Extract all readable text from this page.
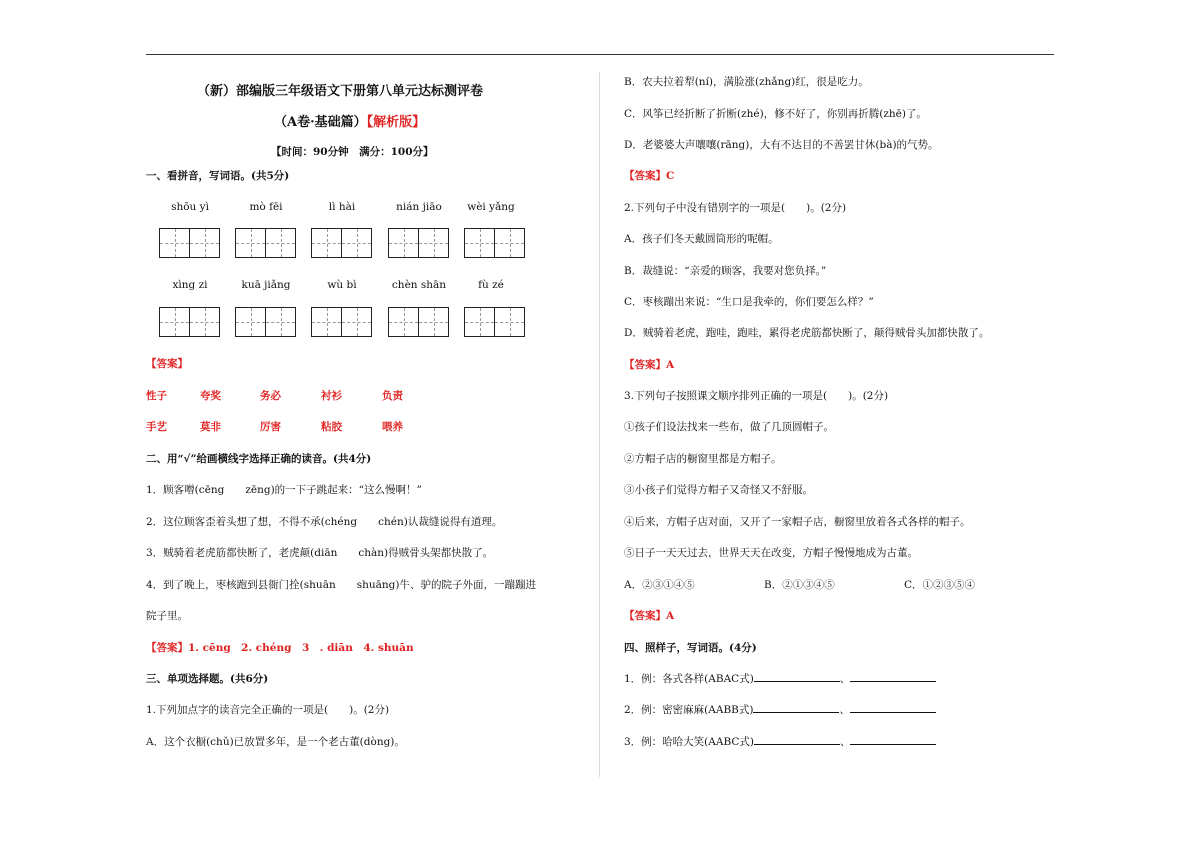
（新）部编版三年级语文下册第八单元达标测评卷
（A卷·基础篇）【解析版】
【时间：90分钟　满分：100分】
一、看拼音，写词语。(共5分)
shōu yì	mò fēi	lì hài	nián jiāo	wèi yǎng
xìng zi	kuā jiǎng	wù bì	chèn shān	fù zé
【答案】
性子	夸奖	务必	衬衫	负责
手艺	莫非	厉害	粘胶	喂养
二、用“√”给画横线字选择正确的读音。(共4分)
1．顾客噌(cēng　　zēng)的一下子跳起来：“这么慢啊！”
2．这位顾客歪着头想了想，不得不承(chéng　　chén)认裁缝说得有道理。
3．贼骑着老虎筋都快断了，老虎颠(diān　　chàn)得贼骨头架都快散了。
4．到了晚上，枣核跑到县衙门拴(shuān　　shuāng)牛、驴的院子外面，一蹦蹦进
院子里。
【答案】1. cēng　2. chéng　3　. diān　4. shuān
三、单项选择题。(共6分)
1.下列加点字的读音完全正确的一项是(　　)。(2分)
A．这个衣橱(chǔ)已放置多年，是一个老古董(dòng)。
B．农夫拉着犁(ní)，满脸涨(zhǎng)红，很是吃力。
C．风筝已经折断了折断(zhé)，修不好了，你别再折腾(zhē)了。
D．老婆婆大声嚷嚷(rāng)，大有不达目的不善罢甘休(bà)的气势。
【答案】C
2.下列句子中没有错别字的一项是(　　)。(2分)
A．孩子们冬天戴圆筒形的呢帽。
B．裁缝说：“亲爱的顾客，我要对您负择。”
C．枣核蹦出来说：“生口是我牵的，你们要怎么样？”
D．贼骑着老虎，跑哇，跑哇，累得老虎筋都快断了，颠得贼骨头加都快散了。
【答案】A
3.下列句子按照课文顺序排列正确的一项是(　　)。(2分)
①孩子们设法找来一些布，做了几顶圆帽子。
②方帽子店的橱窗里都是方帽子。
③小孩子们觉得方帽子又奇怪又不舒服。
④后来，方帽子店对面，又开了一家帽子店，橱窗里放着各式各样的帽子。
⑤日子一天天过去，世界天天在改变，方帽子慢慢地成为古董。
A．②③①④⑤	B．②①③④⑤	C．①②③⑤④
【答案】A
四、照样子，写词语。(4分)
1．例：各式各样(ABAC式)	、
2．例：密密麻麻(AABB式)	、
3．例：哈哈大笑(AABC式)	、
